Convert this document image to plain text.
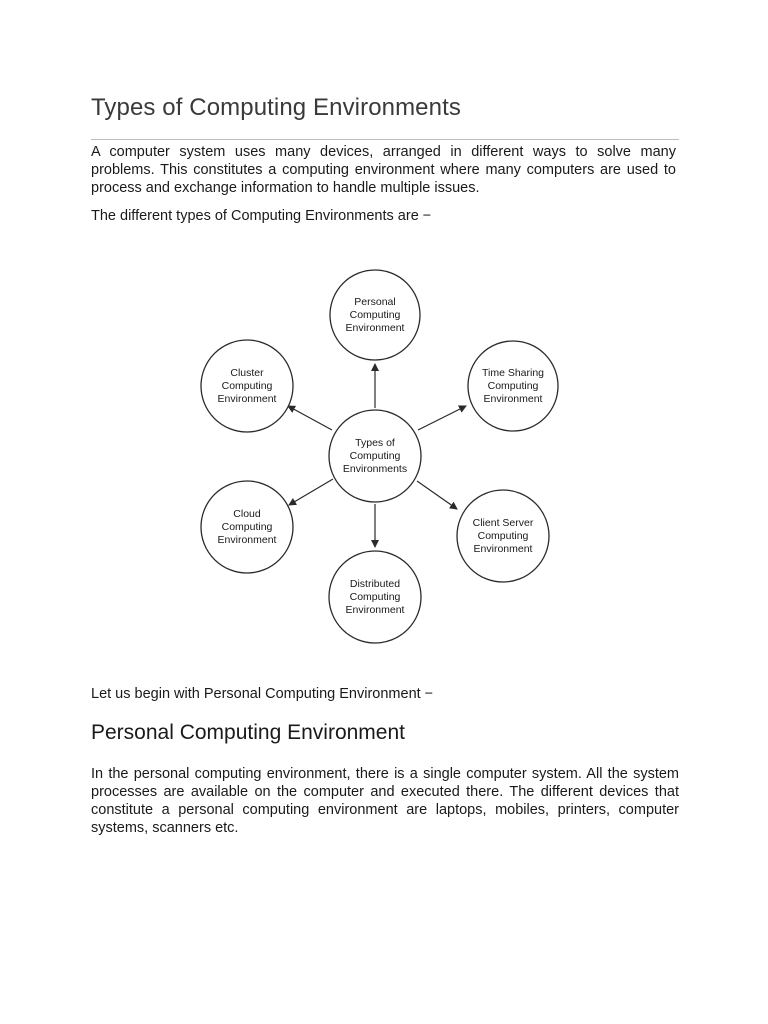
Types of Computing Environments

A computer system uses many devices, arranged in different ways to solve many problems. This constitutes a computing environment where many computers are used to process and exchange information to handle multiple issues.

The different types of Computing Environments are −

Types of
Computing
Environments
Personal
Computing
Environment
Time Sharing
Computing
Environment
Client Server
Computing
Environment
Distributed
Computing
Environment
Cloud
Computing
Environment
Cluster
Computing
Environment

Let us begin with Personal Computing Environment −

Personal Computing Environment

In the personal computing environment, there is a single computer system. All the system processes are available on the computer and executed there. The different devices that constitute a personal computing environment are laptops, mobiles, printers, computer systems, scanners etc.
